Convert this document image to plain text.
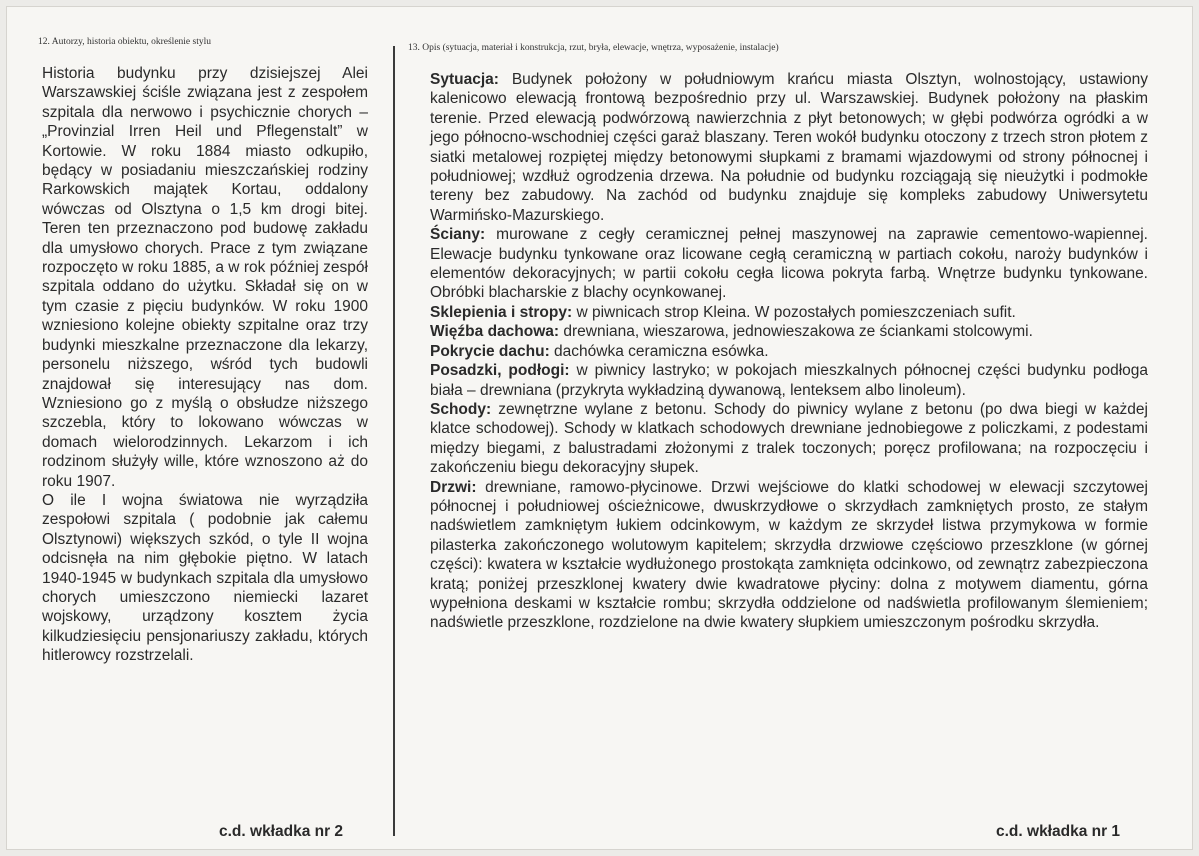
12. Autorzy, historia obiektu, określenie stylu

Historia budynku przy dzisiejszej Alei Warszawskiej ściśle związana jest z zespołem szpitala dla nerwowo i psychicznie chorych – „Provinzial Irren Heil und Pflegenstalt” w Kortowie. W roku 1884 miasto odkupiło, będący w posiadaniu mieszczańskiej rodziny Rarkowskich majątek Kortau, oddalony wówczas od Olsztyna o 1,5 km drogi bitej. Teren ten przeznaczono pod budowę zakładu dla umysłowo chorych. Prace z tym związane rozpoczęto w roku 1885, a w rok później zespół szpitala oddano do użytku. Składał się on w tym czasie z pięciu budynków. W roku 1900 wzniesiono kolejne obiekty szpitalne oraz trzy budynki mieszkalne przeznaczone dla lekarzy, personelu niższego, wśród tych budowli znajdował się interesujący nas dom. Wzniesiono go z myślą o obsłudze niższego szczebla, który to lokowano wówczas w domach wielorodzinnych. Lekarzom i ich rodzinom służyły wille, które wznoszono aż do roku 1907.

O ile I wojna światowa nie wyrządziła zespołowi szpitala ( podobnie jak całemu Olsztynowi) większych szkód, o tyle II wojna odcisnęła na nim głębokie piętno. W latach 1940-1945 w budynkach szpitala dla umysłowo chorych umieszczono niemiecki lazaret wojskowy, urządzony kosztem życia kilkudziesięciu pensjonariuszy zakładu, których hitlerowcy rozstrzelali.

13. Opis (sytuacja, materiał i konstrukcja, rzut, bryła, elewacje, wnętrza, wyposażenie, instalacje)

Sytuacja: Budynek położony w południowym krańcu miasta Olsztyn, wolnostojący, ustawiony kalenicowo elewacją frontową bezpośrednio przy ul. Warszawskiej. Budynek położony na płaskim terenie. Przed elewacją podwórzową nawierzchnia z płyt betonowych; w głębi podwórza ogródki a w jego północno-wschodniej części garaż blaszany. Teren wokół budynku otoczony z trzech stron płotem z siatki metalowej rozpiętej między betonowymi słupkami z bramami wjazdowymi od strony północnej i południowej; wzdłuż ogrodzenia drzewa. Na południe od budynku rozciągają się nieużytki i podmokłe tereny bez zabudowy. Na zachód od budynku znajduje się kompleks zabudowy Uniwersytetu Warmińsko-Mazurskiego.

Ściany: murowane z cegły ceramicznej pełnej maszynowej na zaprawie cementowo-wapiennej. Elewacje budynku tynkowane oraz licowane cegłą ceramiczną w partiach cokołu, naroży budynków i elementów dekoracyjnych; w partii cokołu cegła licowa pokryta farbą. Wnętrze budynku tynkowane. Obróbki blacharskie z blachy ocynkowanej.

Sklepienia i stropy: w piwnicach strop Kleina. W pozostałych pomieszczeniach sufit.

Więźba dachowa: drewniana, wieszarowa, jednowieszakowa ze ściankami stolcowymi.

Pokrycie dachu: dachówka ceramiczna esówka.

Posadzki, podłogi: w piwnicy lastryko; w pokojach mieszkalnych północnej części budynku podłoga biała – drewniana (przykryta wykładziną dywanową, lenteksem albo linoleum).

Schody: zewnętrzne wylane z betonu. Schody do piwnicy wylane z betonu (po dwa biegi w każdej klatce schodowej). Schody w klatkach schodowych drewniane jednobiegowe z policzkami, z podestami między biegami, z balustradami złożonymi z tralek toczonych; poręcz profilowana; na rozpoczęciu i zakończeniu biegu dekoracyjny słupek.

Drzwi: drewniane, ramowo-płycinowe. Drzwi wejściowe do klatki schodowej w elewacji szczytowej północnej i południowej ościeżnicowe, dwuskrzydłowe o skrzydłach zamkniętych prosto, ze stałym nadświetlem zamkniętym łukiem odcinkowym, w każdym ze skrzydeł listwa przymykowa w formie pilasterka zakończonego wolutowym kapitelem; skrzydła drzwiowe częściowo przeszklone (w górnej części): kwatera w kształcie wydłużonego prostokąta zamknięta odcinkowo, od zewnątrz zabezpieczona kratą; poniżej przeszklonej kwatery dwie kwadratowe płyciny: dolna z motywem diamentu, górna wypełniona deskami w kształcie rombu; skrzydła oddzielone od nadświetla profilowanym ślemieniem; nadświetle przeszklone, rozdzielone na dwie kwatery słupkiem umieszczonym pośrodku skrzydła.

c.d. wkładka nr 2	c.d. wkładka nr 1
